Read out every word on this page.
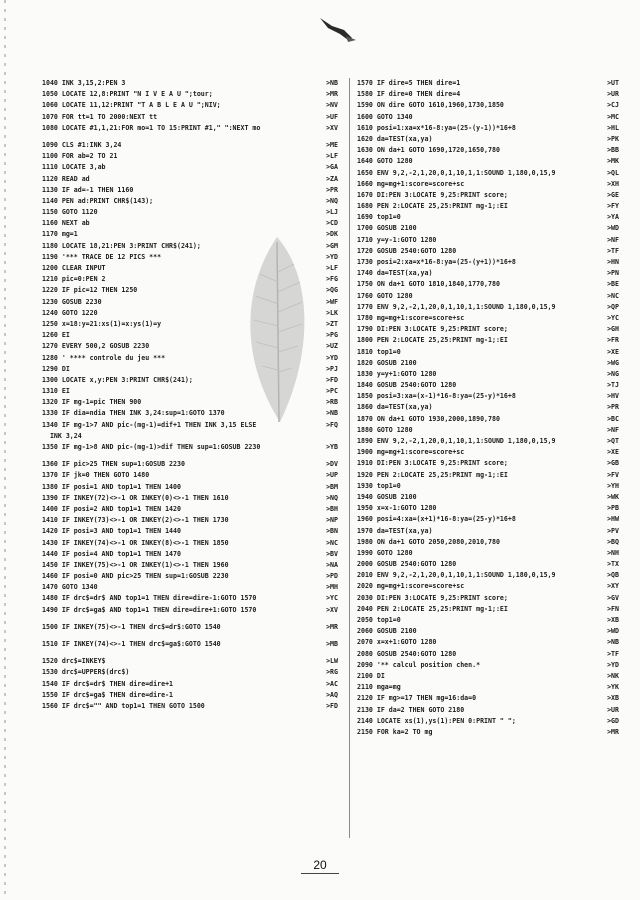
1040 INK 3,15,2:PEN 3	>NB
1050 LOCATE 12,8:PRINT "N I V E A U ";tour;	>MR
1060 LOCATE 11,12:PRINT "T A B L E A U ";NIV;	>NV
1070 FOR tt=1 TO 2000:NEXT tt	>UF
1080 LOCATE #1,1,21:FOR mo=1 TO 15:PRINT #1," ":NEXT mo	>XV
1090 CLS #1:INK 3,24	>ME
1100 FOR ab=2 TO 21	>LF
1110 LOCATE 3,ab	>GA
1120 READ ad	>ZA
1130 IF ad=-1 THEN 1160	>PR
1140 PEN ad:PRINT CHR$(143);	>NQ
1150 GOTO 1120	>LJ
1160 NEXT ab	>CD
1170 mg=1	>DK
1180 LOCATE 18,21:PEN 3:PRINT CHR$(241);	>GM
1190 '*** TRACE DE 12 PICS ***	>YD
1200 CLEAR INPUT	>LF
1210 pic=0:PEN 2	>FG
1220 IF pic=12 THEN 1250	>QG
1230 GOSUB 2230	>WF
1240 GOTO 1220	>LK
1250 x=18:y=21:xs(1)=x:ys(1)=y	>ZT
1260 EI	>PG
1270 EVERY 500,2 GOSUB 2230	>UZ
1280 ' **** controle du jeu ***	>YD
1290 DI	>PJ
1300 LOCATE x,y:PEN 3:PRINT CHR$(241);	>FD
1310 EI	>PC
1320 IF mg-1=pic THEN 900	>RB
1330 IF dia=ndia THEN INK 3,24:sup=1:GOTO 1370	>NB
1340 IF mg-1>7 AND pic-(mg-1)=dif+1 THEN INK 3,15 ELSE	>FQ
INK 3,24
1350 IF mg-1>8 AND pic-(mg-1)>dif THEN sup=1:GOSUB 2230	>YB
1360 IF pic>25 THEN sup=1:GOSUB 2230	>DV
1370 IF jk=0 THEN GOTO 1480	>UP
1380 IF posi=1 AND top1=1 THEN 1400	>BM
1390 IF INKEY(72)<>-1 OR INKEY(0)<>-1 THEN 1610	>NQ
1400 IF posi=2 AND top1=1 THEN 1420	>BH
1410 IF INKEY(73)<>-1 OR INKEY(2)<>-1 THEN 1730	>NP
1420 IF posi=3 AND top1=1 THEN 1440	>BN
1430 IF INKEY(74)<>-1 OR INKEY(8)<>-1 THEN 1850	>NC
1440 IF posi=4 AND top1=1 THEN 1470	>BV
1450 IF INKEY(75)<>-1 OR INKEY(1)<>-1 THEN 1960	>NA
1460 IF posi=0 AND pic>25 THEN sup=1:GOSUB 2230	>PD
1470 GOTO 1340	>MH
1480 IF drc$=dr$ AND top1=1 THEN dire=dire-1:GOTO 1570	>YC
1490 IF drc$=ga$ AND top1=1 THEN dire=dire+1:GOTO 1570	>XV
1500 IF INKEY(75)<>-1 THEN drc$=dr$:GOTO 1540	>MR
1510 IF INKEY(74)<>-1 THEN drc$=ga$:GOTO 1540	>MB
1520 drc$=INKEY$	>LW
1530 drc$=UPPER$(drc$)	>RG
1540 IF drc$=dr$ THEN dire=dire+1	>AC
1550 IF drc$=ga$ THEN dire=dire-1	>AQ
1560 IF drc$="" AND top1=1 THEN GOTO 1500	>FD
1570 IF dire=5 THEN dire=1	>UT
1580 IF dire=0 THEN dire=4	>UR
1590 ON dire GOTO 1610,1960,1730,1850	>CJ
1600 GOTO 1340	>MC
1610 posi=1:xa=x*16-8:ya=(25-(y-1))*16+8	>HL
1620 da=TEST(xa,ya)	>PK
1630 ON da+1 GOTO 1690,1720,1650,780	>BB
1640 GOTO 1280	>MK
1650 ENV 9,2,-2,1,20,0,1,10,1,1:SOUND 1,180,0,15,9	>QL
1660 mg=mg+1:score=score+sc	>XH
1670 DI:PEN 3:LOCATE 9,25:PRINT score;	>GE
1680 PEN 2:LOCATE 25,25:PRINT mg-1;:EI	>FY
1690 top1=0	>YA
1700 GOSUB 2100	>WD
1710 y=y-1:GOTO 1280	>NF
1720 GOSUB 2540:GOTO 1280	>TF
1730 posi=2:xa=x*16-8:ya=(25-(y+1))*16+8	>HN
1740 da=TEST(xa,ya)	>PN
1750 ON da+1 GOTO 1810,1840,1770,780	>BE
1760 GOTO 1280	>NC
1770 ENV 9,2,-2,1,20,0,1,10,1,1:SOUND 1,180,0,15,9	>QP
1780 mg=mg+1:score=score+sc	>YC
1790 DI:PEN 3:LOCATE 9,25:PRINT score;	>GH
1800 PEN 2:LOCATE 25,25:PRINT mg-1;:EI	>FR
1810 top1=0	>XE
1820 GOSUB 2100	>WG
1830 y=y+1:GOTO 1280	>NG
1840 GOSUB 2540:GOTO 1280	>TJ
1850 posi=3:xa=(x-1)*16-8:ya=(25-y)*16+8	>HV
1860 da=TEST(xa,ya)	>PR
1870 ON da+1 GOTO 1930,2000,1890,780	>BC
1880 GOTO 1280	>NF
1890 ENV 9,2,-2,1,20,0,1,10,1,1:SOUND 1,180,0,15,9	>QT
1900 mg=mg+1:score=score+sc	>XE
1910 DI:PEN 3:LOCATE 9,25:PRINT score;	>GB
1920 PEN 2:LOCATE 25,25:PRINT mg-1;:EI	>FV
1930 top1=0	>YH
1940 GOSUB 2100	>WK
1950 x=x-1:GOTO 1280	>PB
1960 posi=4:xa=(x+1)*16-8:ya=(25-y)*16+8	>HW
1970 da=TEST(xa,ya)	>PV
1980 ON da+1 GOTO 2050,2080,2010,780	>BQ
1990 GOTO 1280	>NH
2000 GOSUB 2540:GOTO 1280	>TX
2010 ENV 9,2,-2,1,20,0,1,10,1,1:SOUND 1,180,0,15,9	>QB
2020 mg=mg+1:score=score+sc	>XY
2030 DI:PEN 3:LOCATE 9,25:PRINT score;	>GV
2040 PEN 2:LOCATE 25,25:PRINT mg-1;:EI	>FN
2050 top1=0	>XB
2060 GOSUB 2100	>WD
2070 x=x+1:GOTO 1280	>NB
2080 GOSUB 2540:GOTO 1280	>TF
2090 '** calcul position chen.*	>YD
2100 DI	>NK
2110 mga=mg	>YK
2120 IF mg>=17 THEN mg=16:da=0	>XB
2130 IF da=2 THEN GOTO 2180	>UR
2140 LOCATE xs(1),ys(1):PEN 0:PRINT " ";	>GD
2150 FOR ka=2 TO mg	>MR
20
